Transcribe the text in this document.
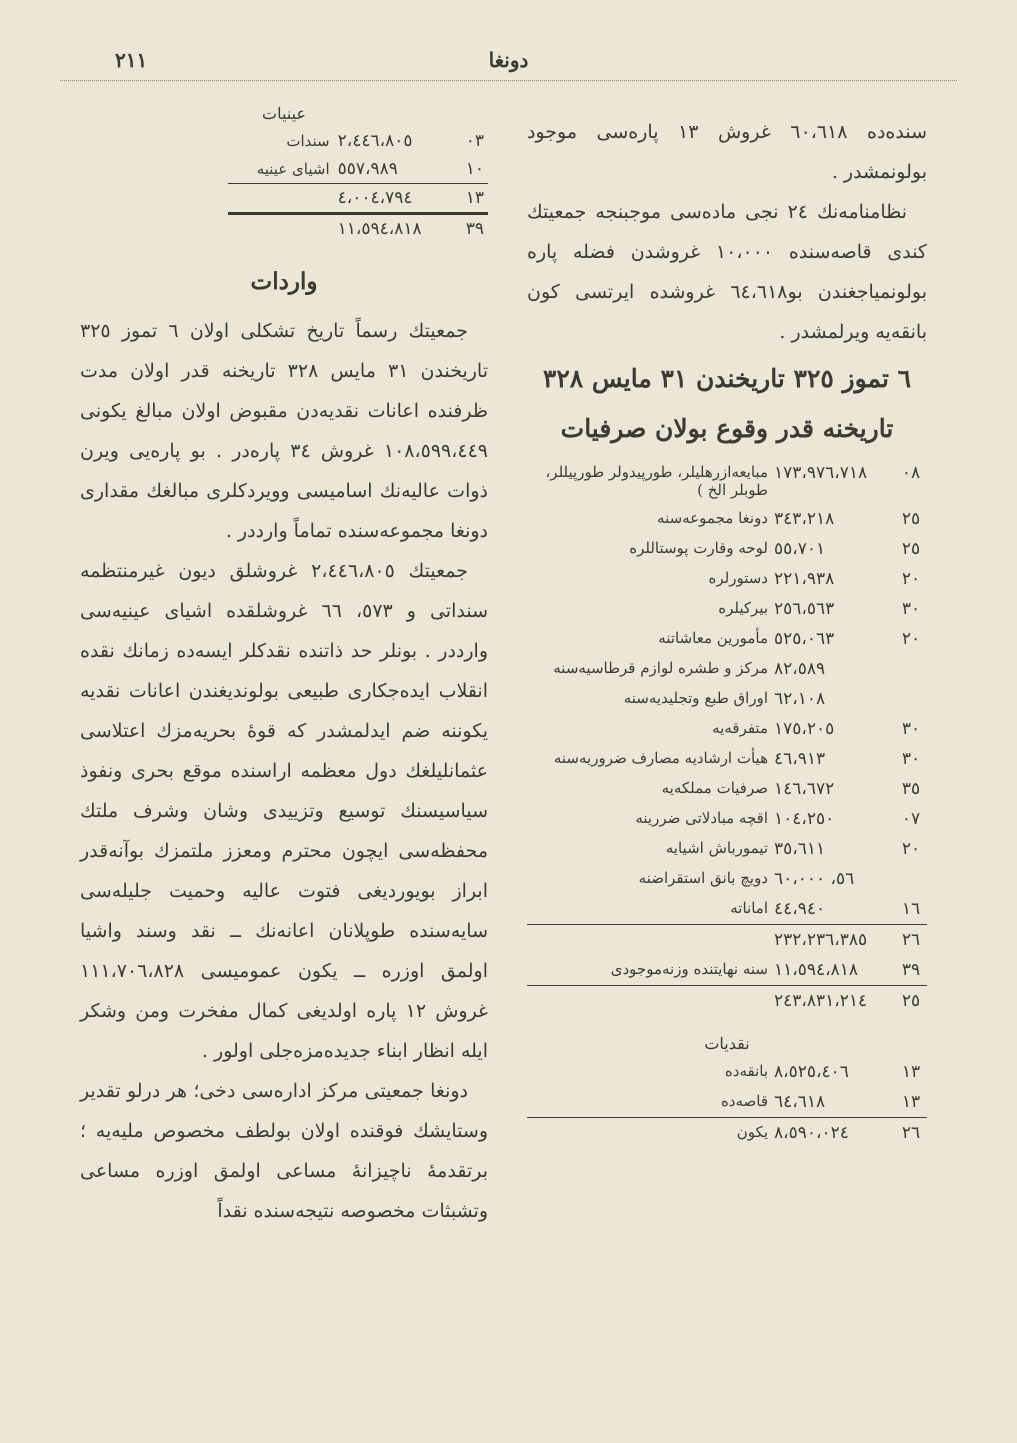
٢١١	دونغا

سنده‌ده ٦٠،٦١٨ غروش ١٣ پاره‌سی موجود بولونمشدر .

نظامنامه‌نك ٢٤ نجی ماده‌سی موجبنجه جمعیتك کندی قاصه‌سنده ١٠،٠٠٠ غروشدن فضله پاره بولونمیاجغندن بو٦٤،٦١٨ غروشده ایرتسی کون بانقه‌یه ویرلمشدر .

٦ تموز ٣٢٥ تاریخندن ٣١ مایس ٣٢٨
تاریخنه قدر وقوع بولان صرفیات
٠٨	١٧٣،٩٧٦،٧١٨	مبایعه‌ازرهلیلر، طورپیدولر طورپیللر، طوبلر الخ )
٢٥	٣٤٣،٢١٨	دونغا مجموعه‌سنه
٢٥	٥٥،٧٠١	لوحه وقارت پوستاللره
٢٠	٢٢١،٩٣٨	دستورلره
٣٠	٢٥٦،٥٦٣	بیرکیلره
٢٠	٥٢٥،٠٦٣	مأمورین معاشاتنه
	٨٢،٥٨٩	مرکز و طشره لوازم قرطاسیه‌سنه
	٦٢،١٠٨	اوراق طبع وتجلیدیه‌سنه
٣٠	١٧٥،٢٠٥	متفرقه‌یه
٣٠	٤٦،٩١٣	هیأت ارشادیه مصارف ضروریه‌سنه
٣٥	١٤٦،٦٧٢	صرفیات مملکه‌یه
٠٧	١٠٤،٢٥٠	اقچه مبادلاتی ضررینه
٢٠	٣٥،٦١١	تیمورباش اشیایه
	٥٦، ٦٠،٠٠٠	دویچ بانق استقراضنه
١٦	٤٤،٩٤٠	اماناته
٢٦	٢٣٢،٢٣٦،٣٨٥	
٣٩	١١،٥٩٤،٨١٨	سنه نهایتنده وزنه‌موجودی
٢٥	٢٤٣،٨٣١،٢١٤	
نقدیات
١٣	٨،٥٢٥،٤٠٦	بانقه‌ده
١٣	٦٤،٦١٨	قاصه‌ده
٢٦	٨،٥٩٠،٠٢٤	یکون
عینیات
٠٣	٢،٤٤٦،٨٠٥	سندات
١٠	٥٥٧،٩٨٩	اشیای عینیه
١٣	٤،٠٠٤،٧٩٤	
٣٩	١١،٥٩٤،٨١٨	
واردات

جمعیتك رسماً تاریخ تشکلی اولان ٦ تموز ٣٢٥ تاریخندن ٣١ مایس ٣٢٨ تاریخنه قدر اولان مدت ظرفنده اعانات نقدیه‌دن مقبوض اولان مبالغ یکونی ١٠٨،٥٩٩،٤٤٩ غروش ٣٤ پاره‌در . بو پاره‌یی ویرن ذوات عالیه‌نك اسامیسی وویردکلری مبالغك مقداری دونغا مجموعه‌سنده تماماً وارددر .

جمعیتك ٢،٤٤٦،٨٠٥ غروشلق دیون غیرمنتظمه سنداتی و ٥٧٣، ٦٦ غروشلقده اشیای عینیه‌سی وارددر . بونلر حد ذاتنده نقدکلر ایسه‌ده زمانك نقده انقلاب ایده‌جکاری طبیعی بولوندیغندن اعانات نقدیه یکوننه ضم ایدلمشدر که قوهٔ بحریه‌مزك اعتلاسی عثمانلیلغك دول معظمه اراسنده موقع بحری ونفوذ سیاسیسنك توسیع وتزییدی وشان وشرف ملتك محفظه‌سی ایچون محترم ومعزز ملتمزك بوآنه‌قدر ابراز بویوردیغی فتوت عالیه وحمیت جلیله‌سی سایه‌سنده طوپلانان اعانه‌نك ــ نقد وسند واشیا اولمق اوزره ــ یکون عمومیسی ١١١،٧٠٦،٨٢٨ غروش ١٢ پاره اولدیغی کمال مفخرت ومن وشکر ایله انظار ابناء جدیده‌مزه‌جلی اولور .

دونغا جمعیتی مرکز اداره‌سی دخی؛ هر درلو تقدیر وستایشك فوقنده اولان بولطف مخصوص ملیه‌یه ؛ برتقدمهٔ ناچیزانهٔ مساعی اولمق اوزره مساعی وتشبثات مخصوصه نتیجه‌سنده نقداً
